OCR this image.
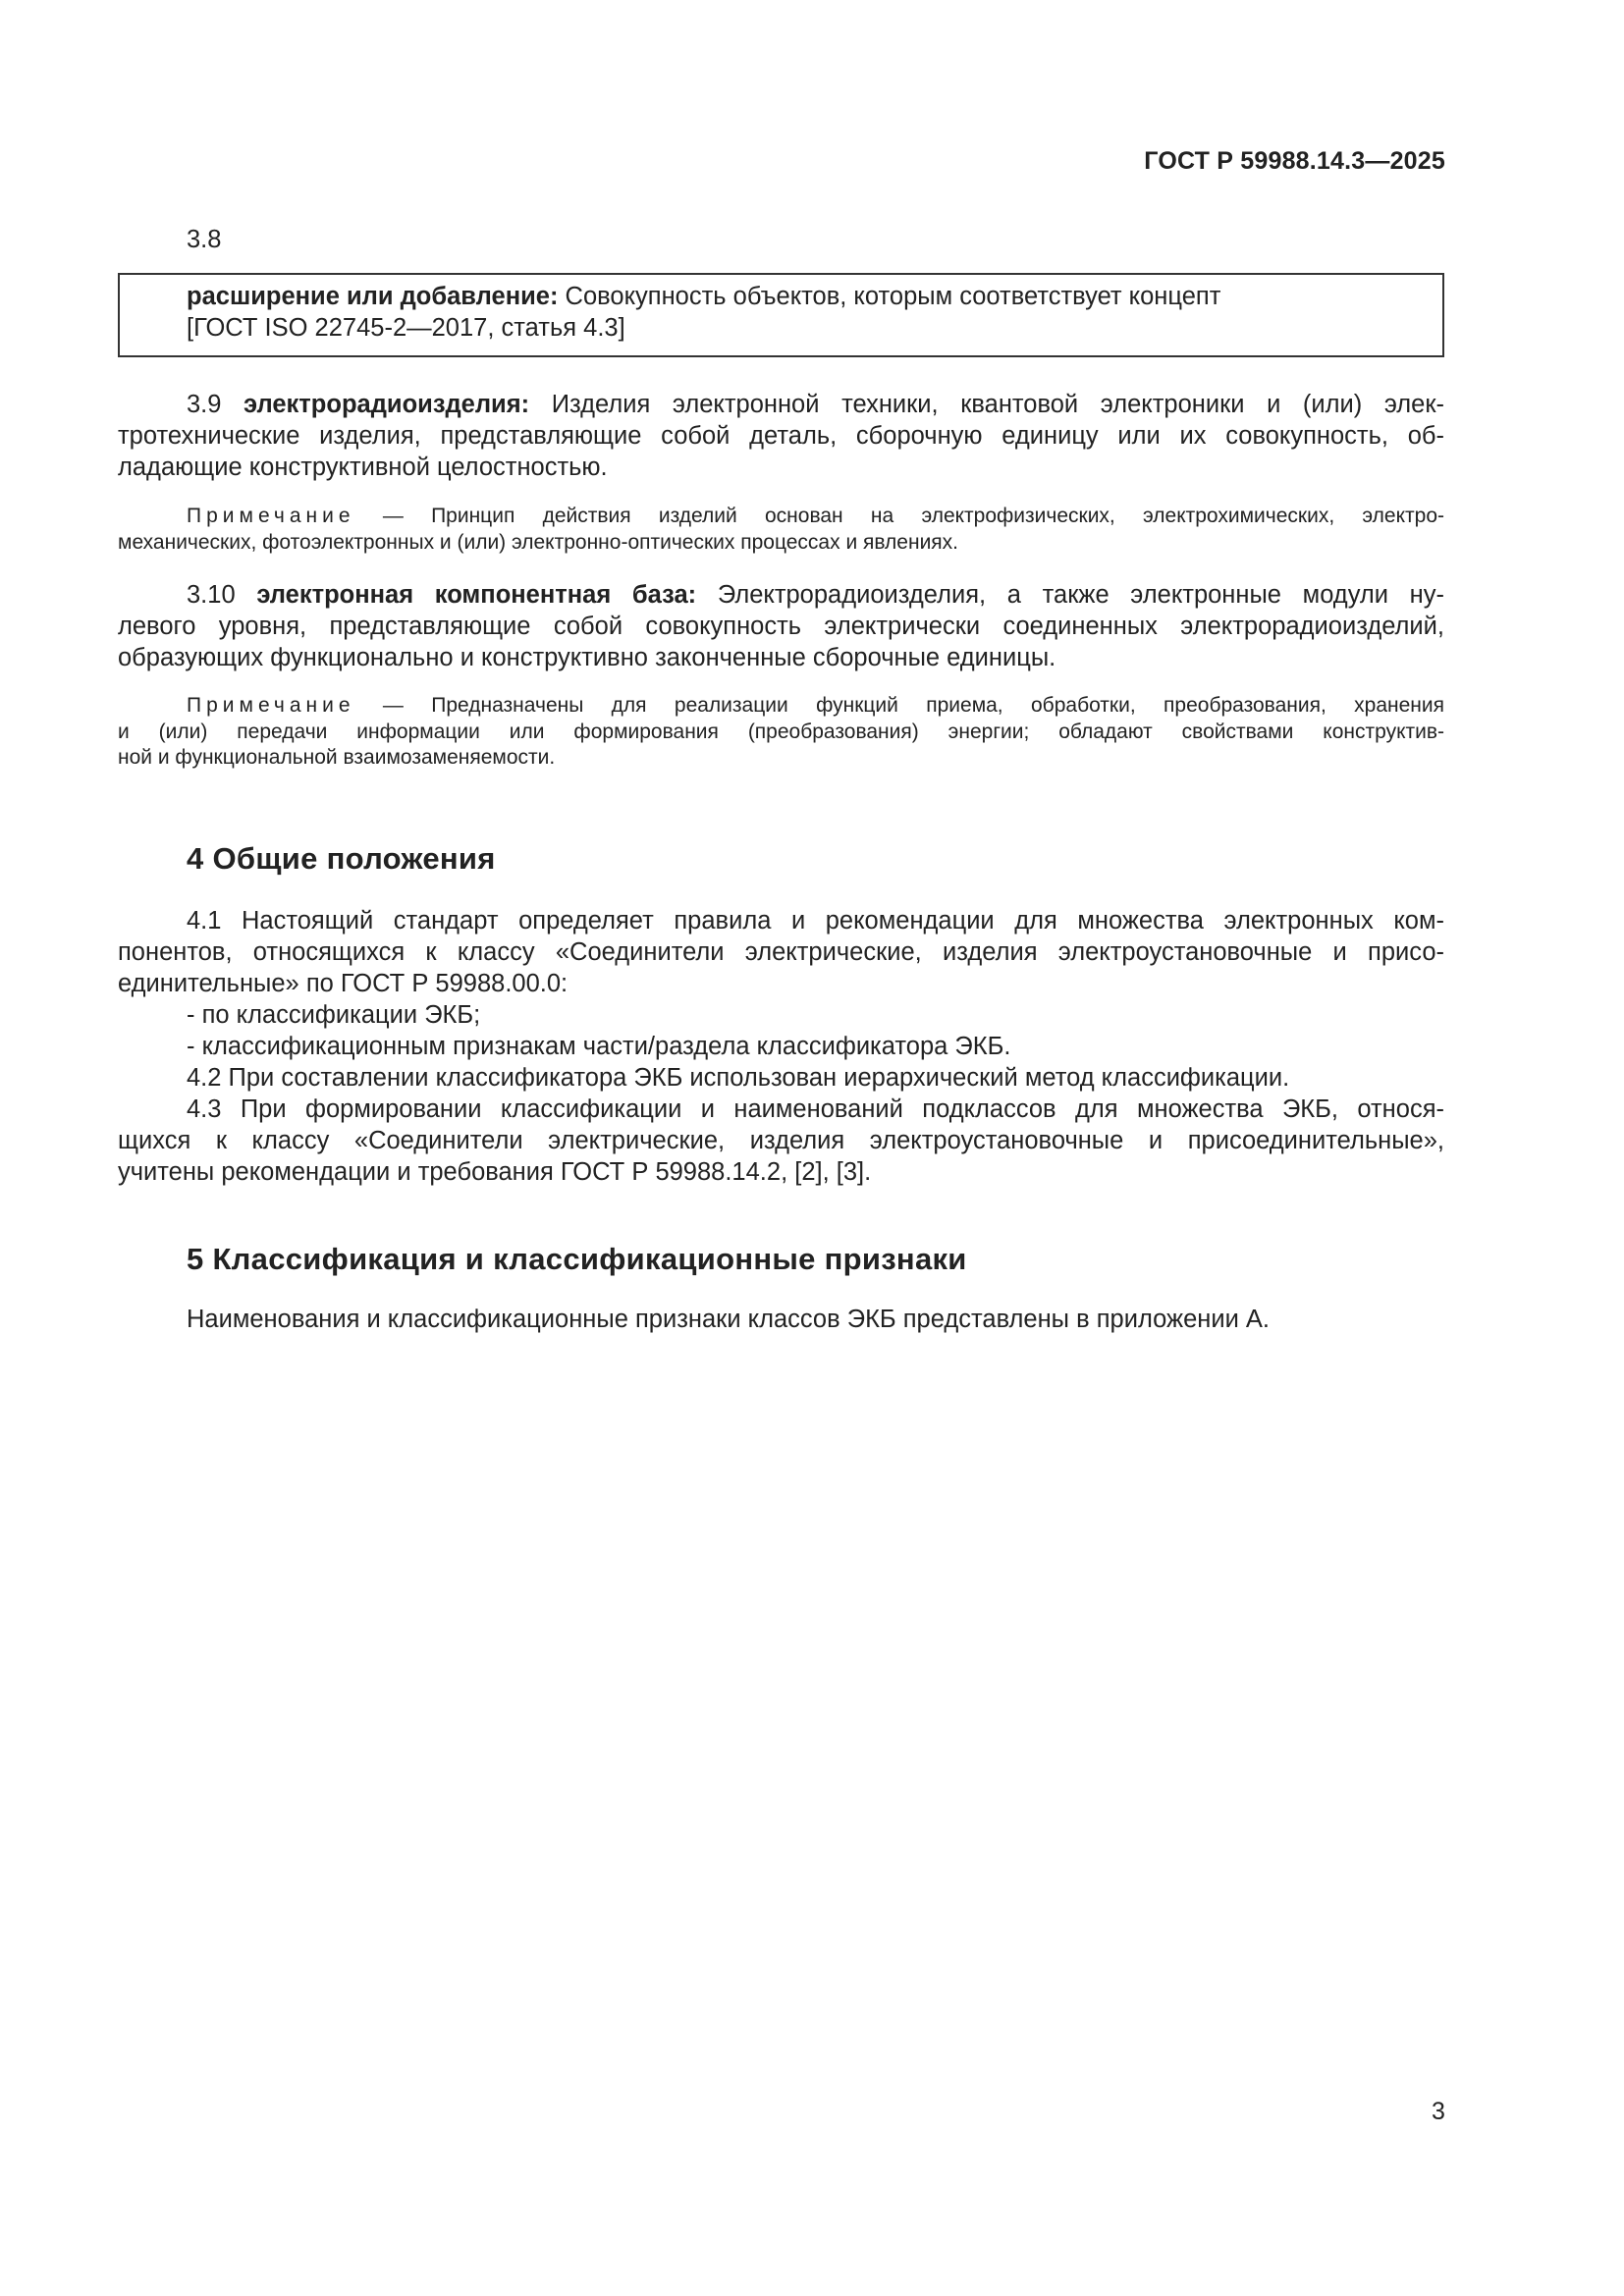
ГОСТ Р 59988.14.3—2025
3.8
расширение или добавление: Совокупность объектов, которым соответствует концепт
[ГОСТ ISO 22745-2—2017, статья 4.3]
3.9 электрорадиоизделия: Изделия электронной техники, квантовой электроники и (или) элек-
тротехнические изделия, представляющие собой деталь, сборочную единицу или их совокупность, об-
ладающие конструктивной целостностью.
Примечание — Принцип действия изделий основан на электрофизических, электрохимических, электро-
механических, фотоэлектронных и (или) электронно-оптических процессах и явлениях.
3.10 электронная компонентная база: Электрорадиоизделия, а также электронные модули ну-
левого уровня, представляющие собой совокупность электрически соединенных электрорадиоизделий,
образующих функционально и конструктивно законченные сборочные единицы.
Примечание — Предназначены для реализации функций приема, обработки, преобразования, хранения
и (или) передачи информации или формирования (преобразования) энергии; обладают свойствами конструктив-
ной и функциональной взаимозаменяемости.
4 Общие положения
4.1 Настоящий стандарт определяет правила и рекомендации для множества электронных ком-
понентов, относящихся к классу «Соединители электрические, изделия электроустановочные и присо-
единительные» по ГОСТ Р 59988.00.0:
- по классификации ЭКБ;
- классификационным признакам части/раздела классификатора ЭКБ.
4.2 При составлении классификатора ЭКБ использован иерархический метод классификации.
4.3 При формировании классификации и наименований подклассов для множества ЭКБ, относя-
щихся к классу «Соединители электрические, изделия электроустановочные и присоединительные»,
учитены рекомендации и требования ГОСТ Р 59988.14.2, [2], [3].
5 Классификация и классификационные признаки
Наименования и классификационные признаки классов ЭКБ представлены в приложении А.
3
